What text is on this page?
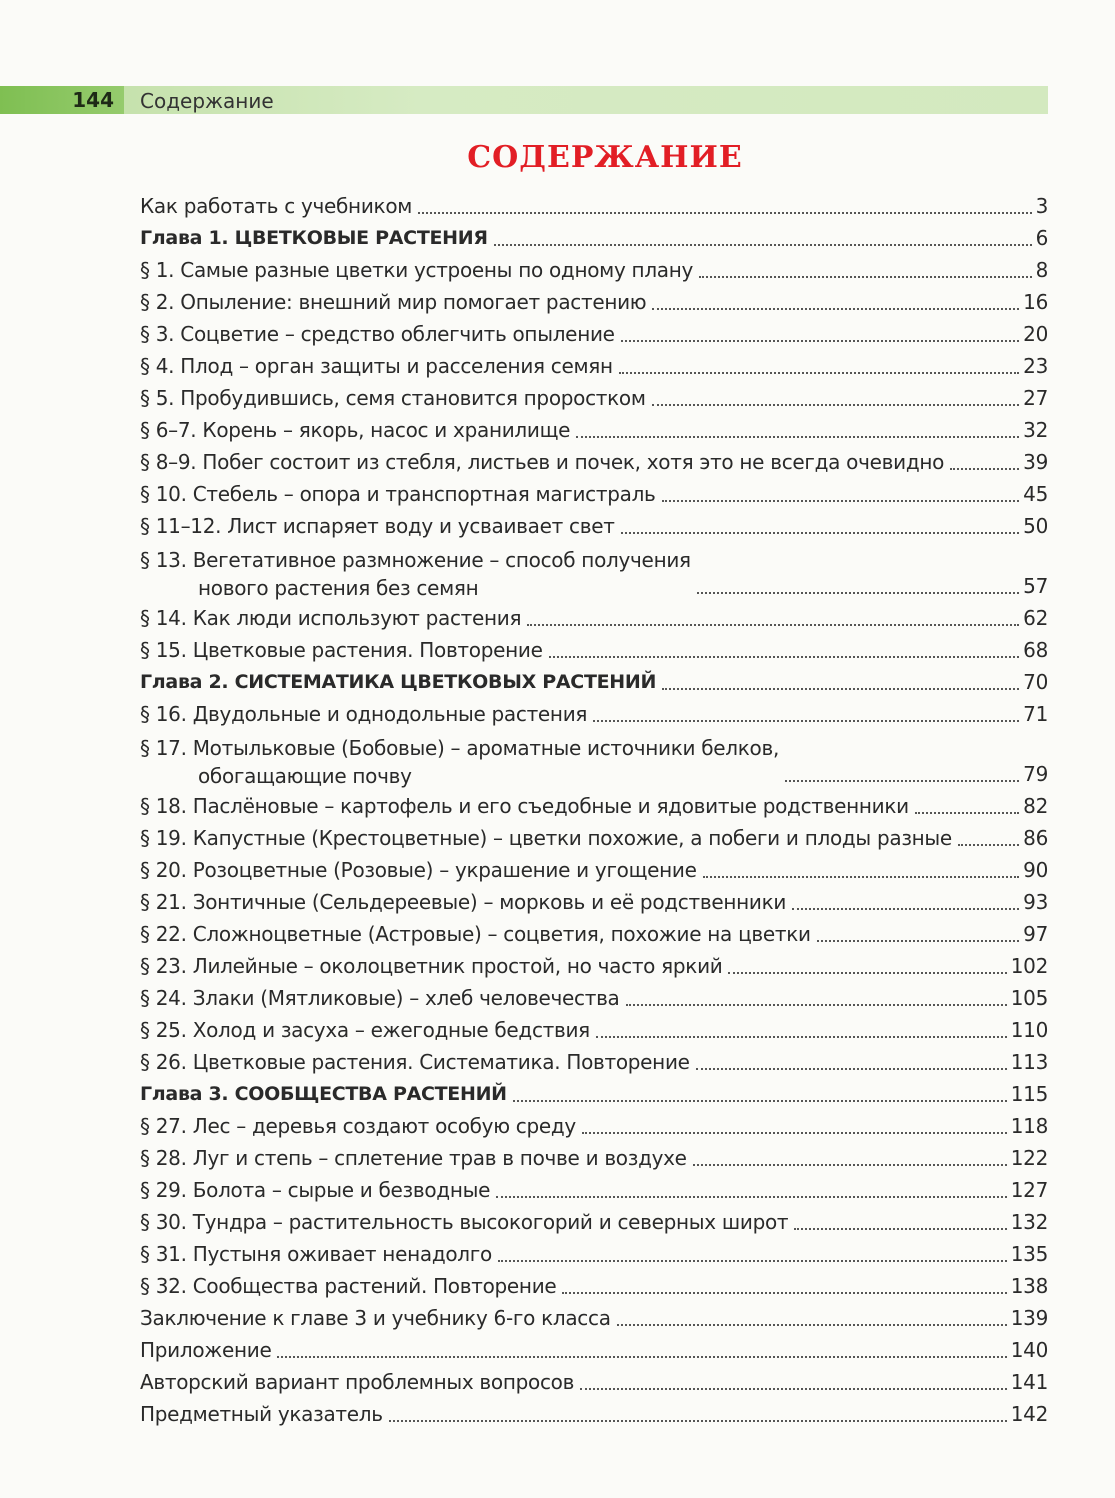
144	Содержание
СОДЕРЖАНИЕ
Как работать с учебником	3
Глава 1. ЦВЕТКОВЫЕ РАСТЕНИЯ	6
§ 1. Самые разные цветки устроены по одному плану	8
§ 2. Опыление: внешний мир помогает растению	16
§ 3. Соцветие – средство облегчить опыление	20
§ 4. Плод – орган защиты и расселения семян	23
§ 5. Пробудившись, семя становится проростком	27
§ 6–7. Корень – якорь, насос и хранилище	32
§ 8–9. Побег состоит из стебля, листьев и почек, хотя это не всегда очевидно	39
§ 10. Стебель – опора и транспортная магистраль	45
§ 11–12. Лист испаряет воду и усваивает свет	50
§ 13. Вегетативное размножение – способ получения
нового растения без семян	57
§ 14. Как люди используют растения	62
§ 15. Цветковые растения. Повторение	68
Глава 2. СИСТЕМАТИКА ЦВЕТКОВЫХ РАСТЕНИЙ	70
§ 16. Двудольные и однодольные растения	71
§ 17. Мотыльковые (Бобовые) – ароматные источники белков,
обогащающие почву	79
§ 18. Паслёновые – картофель и его съедобные и ядовитые родственники	82
§ 19. Капустные (Крестоцветные) – цветки похожие, а побеги и плоды разные	86
§ 20. Розоцветные (Розовые) – украшение и угощение	90
§ 21. Зонтичные (Сельдереевые) – морковь и её родственники	93
§ 22. Сложноцветные (Астровые) – соцветия, похожие на цветки	97
§ 23. Лилейные – околоцветник простой, но часто яркий	102
§ 24. Злаки (Мятликовые) – хлеб человечества	105
§ 25. Холод и засуха – ежегодные бедствия	110
§ 26. Цветковые растения. Систематика. Повторение	113
Глава 3. СООБЩЕСТВА РАСТЕНИЙ	115
§ 27. Лес – деревья создают особую среду	118
§ 28. Луг и степь – сплетение трав в почве и воздухе	122
§ 29. Болота – сырые и безводные	127
§ 30. Тундра – растительность высокогорий и северных широт	132
§ 31. Пустыня оживает ненадолго	135
§ 32. Сообщества растений. Повторение	138
Заключение к главе 3 и учебнику 6-го класса	139
Приложение	140
Авторский вариант проблемных вопросов	141
Предметный указатель	142
